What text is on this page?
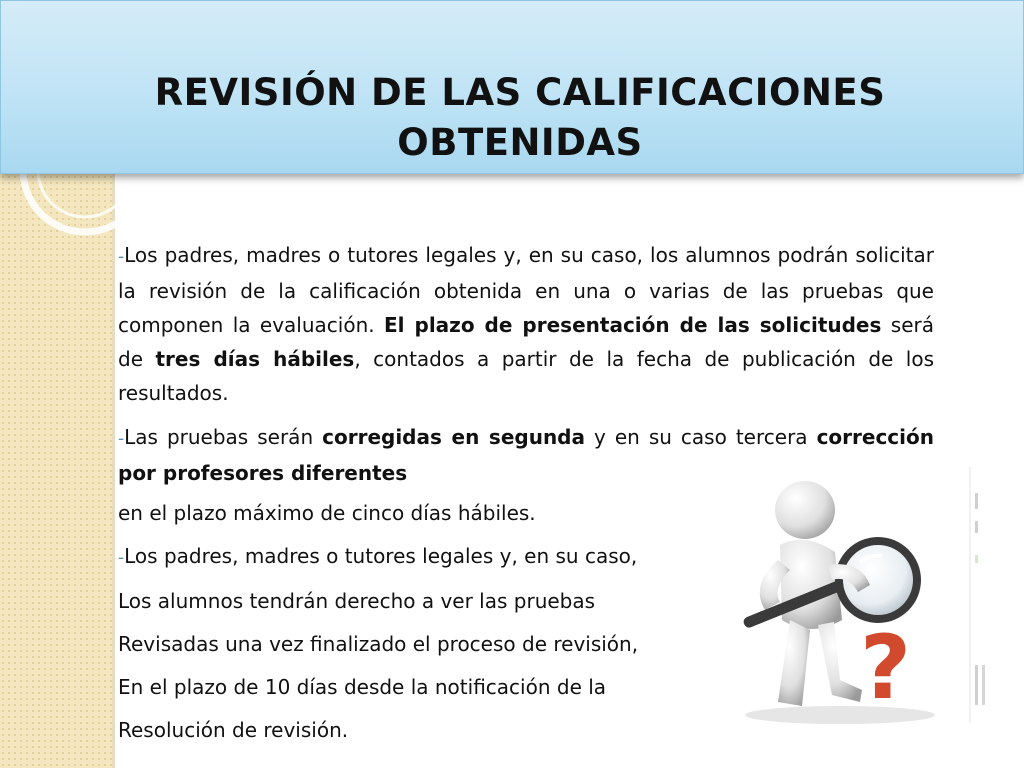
REVISIÓN DE LAS CALIFICACIONES OBTENIDAS

-Los padres, madres o tutores legales y, en su caso, los alumnos podrán solicitar la revisión de la calificación obtenida en una o varias de las pruebas que componen la evaluación. El plazo de presentación de las solicitudes será de tres días hábiles, contados a partir de la fecha de publicación de los resultados.

-Las pruebas serán corregidas en segunda y en su caso tercera corrección por profesores diferentes

en el plazo máximo de cinco días hábiles.

-Los padres, madres o tutores legales y, en su caso,

Los alumnos tendrán derecho a ver las pruebas

Revisadas una vez finalizado el proceso de revisión,

En el plazo de 10 días desde la notificación de la

Resolución de revisión.

?
